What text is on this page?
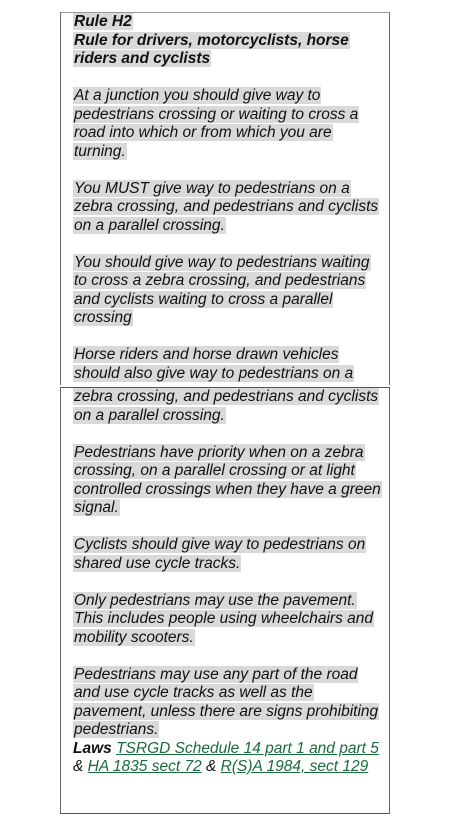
Rule H2
Rule for drivers, motorcyclists, horse riders and cyclists

At a junction you should give way to pedestrians crossing or waiting to cross a road into which or from which you are turning.

You MUST give way to pedestrians on a zebra crossing, and pedestrians and cyclists on a parallel crossing.

You should give way to pedestrians waiting to cross a zebra crossing, and pedestrians and cyclists waiting to cross a parallel crossing

Horse riders and horse drawn vehicles should also give way to pedestrians on a

zebra crossing, and pedestrians and cyclists on a parallel crossing.

Pedestrians have priority when on a zebra crossing, on a parallel crossing or at light controlled crossings when they have a green signal.

Cyclists should give way to pedestrians on shared use cycle tracks.

Only pedestrians may use the pavement. This includes people using wheelchairs and mobility scooters.

Pedestrians may use any part of the road and use cycle tracks as well as the pavement, unless there are signs prohibiting pedestrians.

Laws TSRGD Schedule 14 part 1 and part 5 & HA 1835 sect 72 & R(S)A 1984, sect 129
